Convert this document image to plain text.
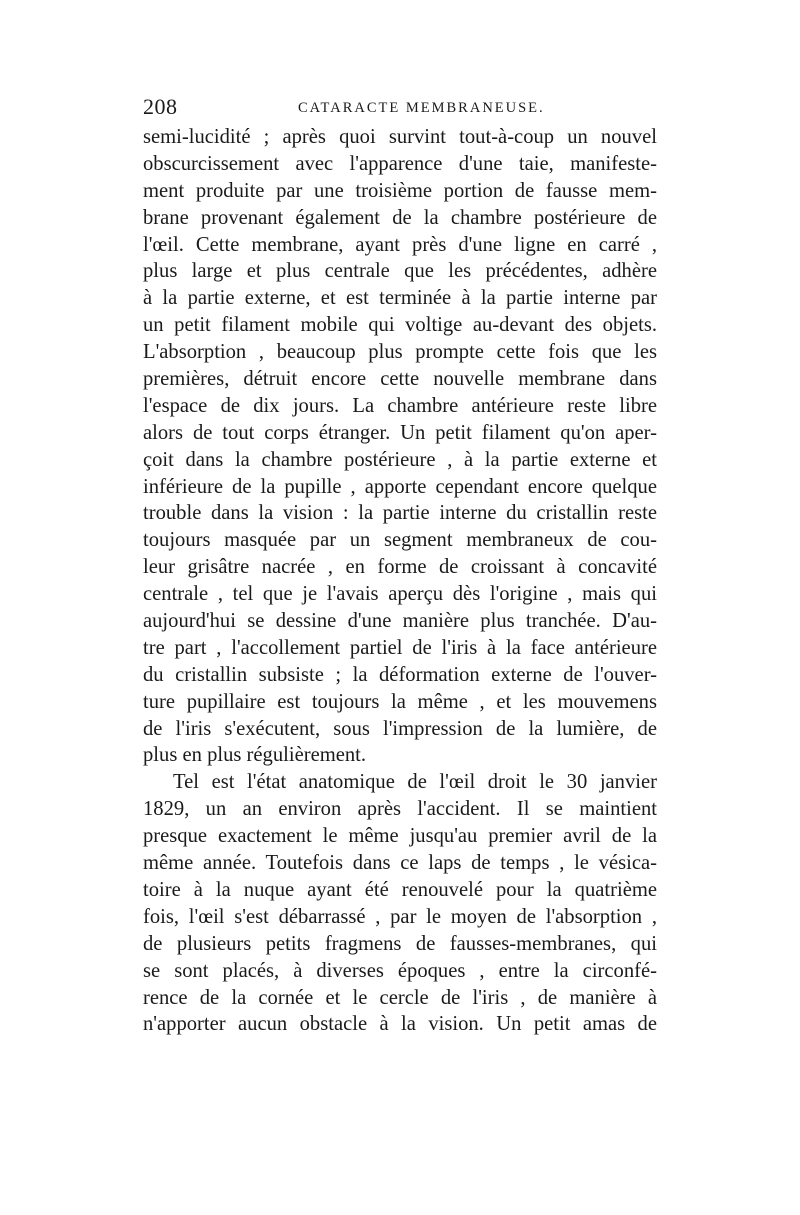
208	CATARACTE MEMBRANEUSE.
semi-lucidité ; après quoi survint tout-à-coup un nouvel
obscurcissement avec l'apparence d'une taie, manifeste-
ment produite par une troisième portion de fausse mem-
brane provenant également de la chambre postérieure de
l'œil. Cette membrane, ayant près d'une ligne en carré ,
plus large et plus centrale que les précédentes, adhère
à la partie externe, et est terminée à la partie interne par
un petit filament mobile qui voltige au-devant des objets.
L'absorption , beaucoup plus prompte cette fois que les
premières, détruit encore cette nouvelle membrane dans
l'espace de dix jours. La chambre antérieure reste libre
alors de tout corps étranger. Un petit filament qu'on aper-
çoit dans la chambre postérieure , à la partie externe et
inférieure de la pupille , apporte cependant encore quelque
trouble dans la vision : la partie interne du cristallin reste
toujours masquée par un segment membraneux de cou-
leur grisâtre nacrée , en forme de croissant à concavité
centrale , tel que je l'avais aperçu dès l'origine , mais qui
aujourd'hui se dessine d'une manière plus tranchée. D'au-
tre part , l'accollement partiel de l'iris à la face antérieure
du cristallin subsiste ; la déformation externe de l'ouver-
ture pupillaire est toujours la même , et les mouvemens
de l'iris s'exécutent, sous l'impression de la lumière, de
plus en plus régulièrement.
Tel est l'état anatomique de l'œil droit le 30 janvier
1829, un an environ après l'accident. Il se maintient
presque exactement le même jusqu'au premier avril de la
même année. Toutefois dans ce laps de temps , le vésica-
toire à la nuque ayant été renouvelé pour la quatrième
fois, l'œil s'est débarrassé , par le moyen de l'absorption ,
de plusieurs petits fragmens de fausses-membranes, qui
se sont placés, à diverses époques , entre la circonfé-
rence de la cornée et le cercle de l'iris , de manière à
n'apporter aucun obstacle à la vision. Un petit amas de
